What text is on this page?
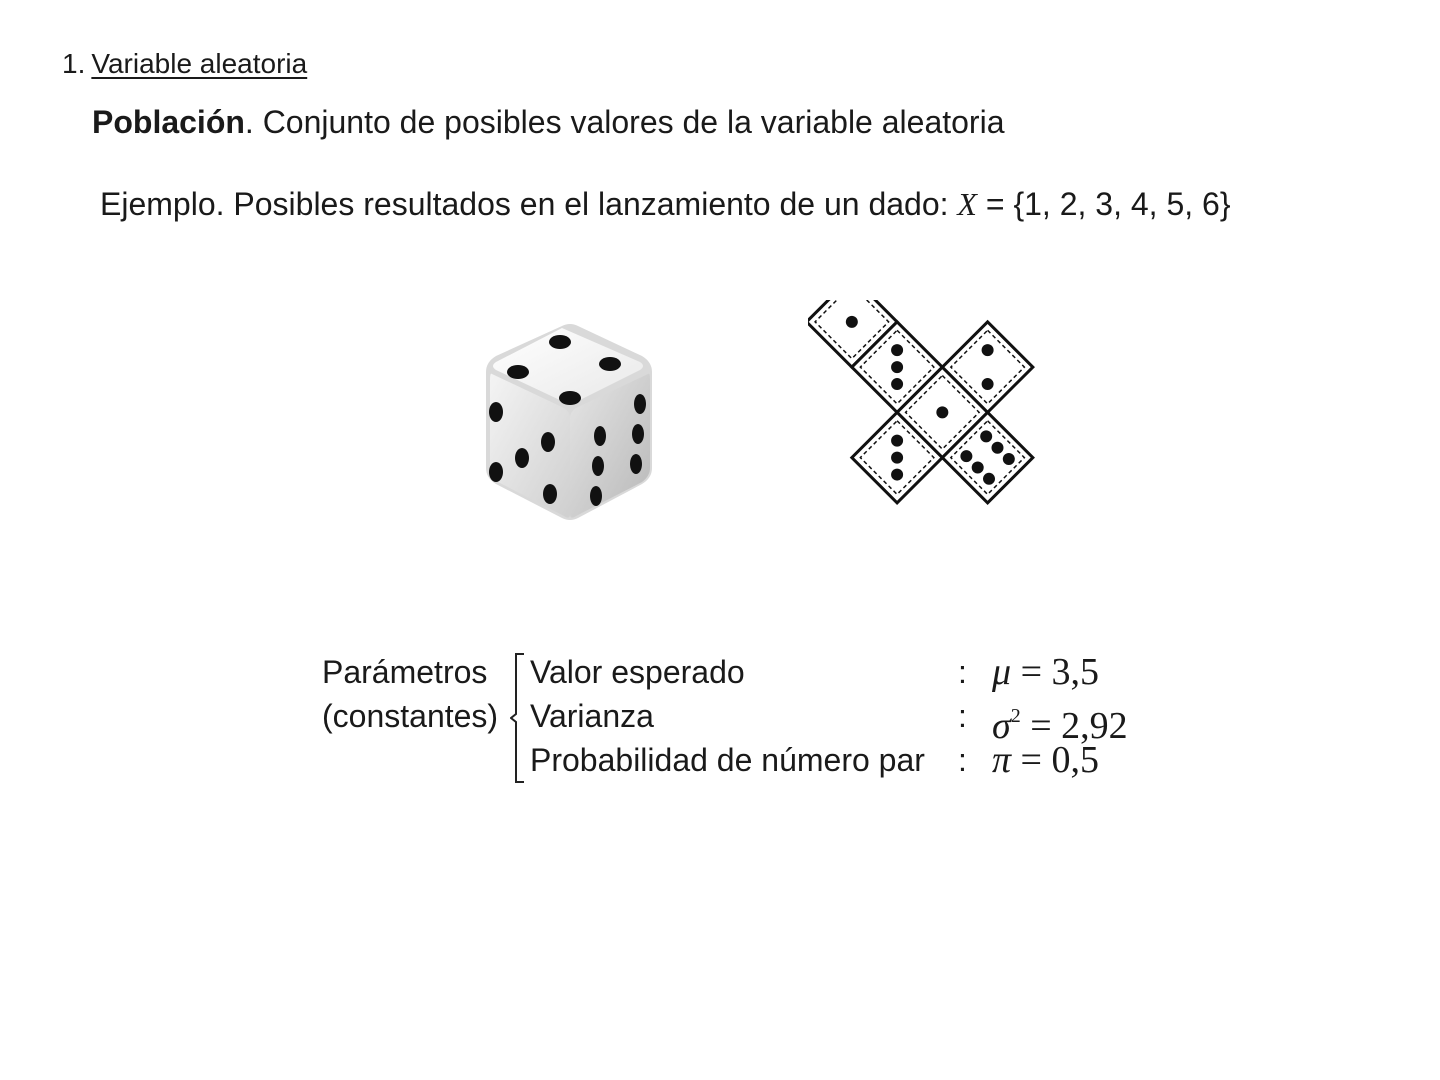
1. Variable aleatoria
Población. Conjunto de posibles valores de la variable aleatoria
Ejemplo. Posibles resultados en el lanzamiento de un dado: X = {1, 2, 3, 4, 5, 6}
Parámetros
(constantes)
Valor esperado	: μ = 3,5
Varianza	: $\sigma^2 = 2,92$
Probabilidad de número par : π = 0,5
